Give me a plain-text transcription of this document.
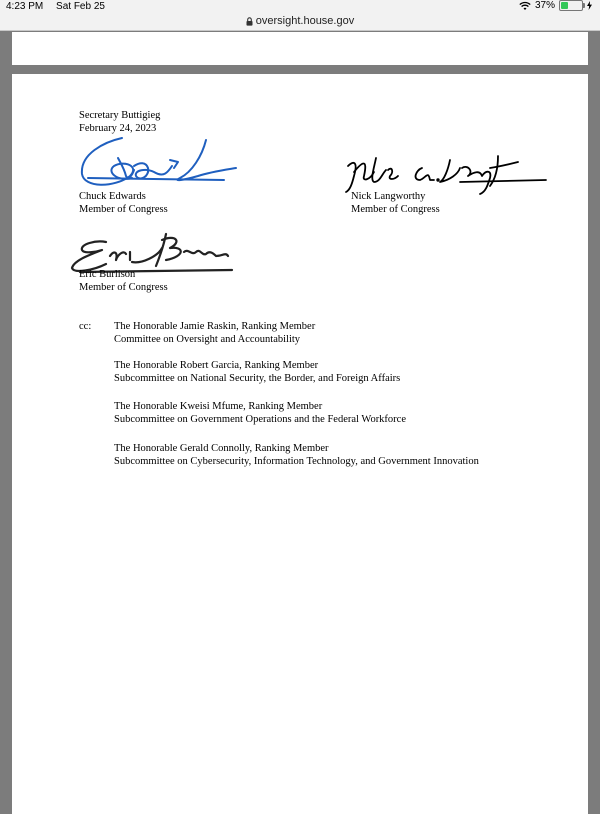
4:23 PM Sat Feb 25	37%
oversight.house.gov
Secretary Buttigieg
February 24, 2023
Chuck Edwards
Member of Congress
Nick Langworthy
Member of Congress
Eric Burlison
Member of Congress
cc: The Honorable Jamie Raskin, Ranking Member
Committee on Oversight and Accountability
The Honorable Robert Garcia, Ranking Member
Subcommittee on National Security, the Border, and Foreign Affairs
The Honorable Kweisi Mfume, Ranking Member
Subcommittee on Government Operations and the Federal Workforce
The Honorable Gerald Connolly, Ranking Member
Subcommittee on Cybersecurity, Information Technology, and Government Innovation
